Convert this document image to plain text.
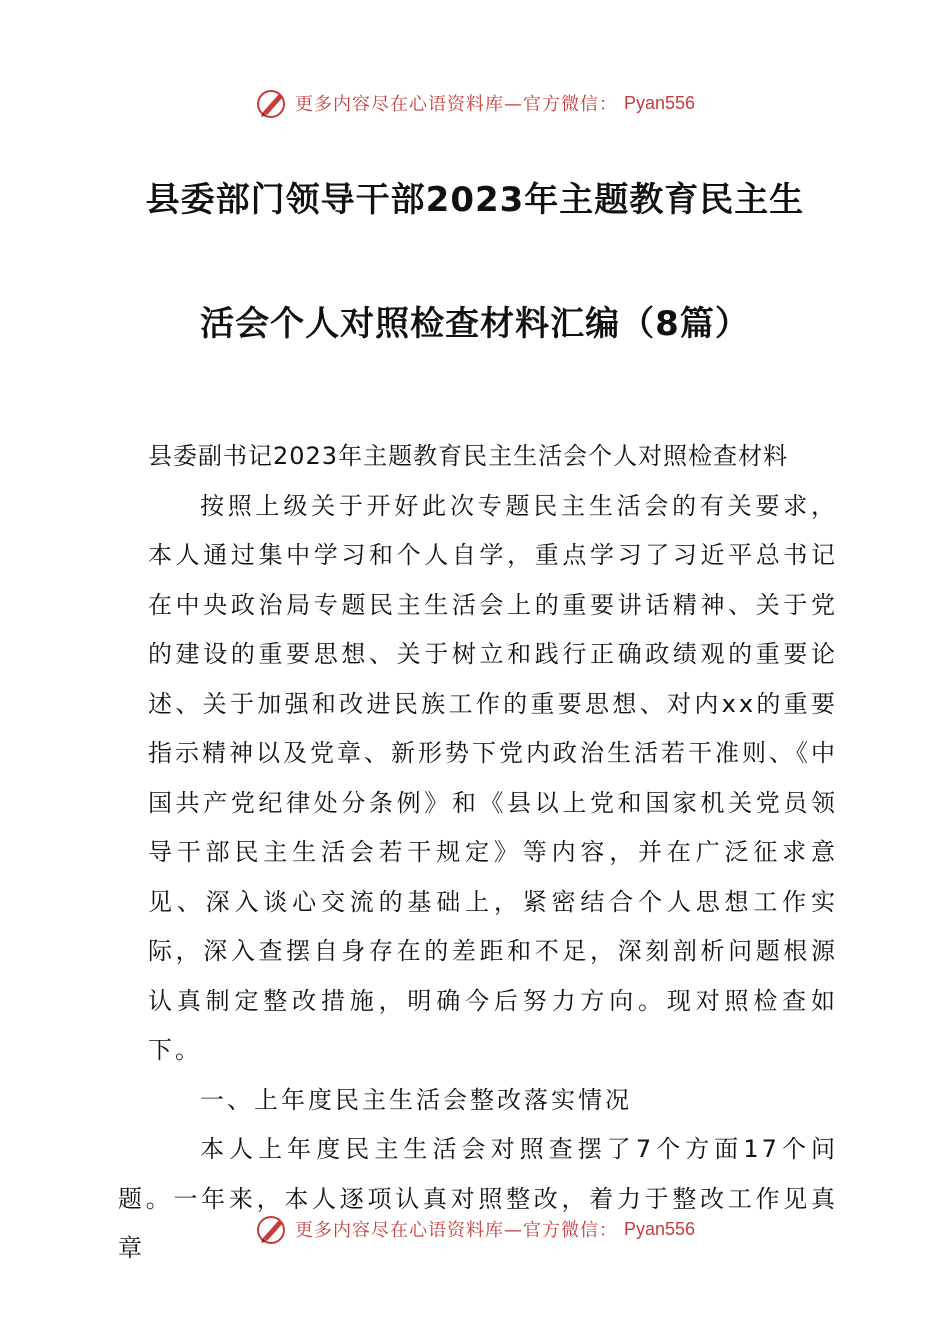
更多内容尽在心语资料库—官方微信： Pyan556
县委部门领导干部2023年主题教育民主生
活会个人对照检查材料汇编（8篇）

县委副书记2023年主题教育民主生活会个人对照检查材料

按照上级关于开好此次专题民主生活会的有关要求，本人通过集中学习和个人自学，重点学习了习近平总书记在中央政治局专题民主生活会上的重要讲话精神、关于党的建设的重要思想、关于树立和践行正确政绩观的重要论述、关于加强和改进民族工作的重要思想、对内xx的重要指示精神以及党章、新形势下党内政治生活若干准则、《中国共产党纪律处分条例》和《县以上党和国家机关党员领导干部民主生活会若干规定》等内容，并在广泛征求意见、深入谈心交流的基础上，紧密结合个人思想工作实际，深入查摆自身存在的差距和不足，深刻剖析问题根源认真制定整改措施，明确今后努力方向。现对照检查如下。

一、上年度民主生活会整改落实情况

本人上年度民主生活会对照查摆了7个方面17个问题。一年来，本人逐项认真对照整改，着力于整改工作见真章

更多内容尽在心语资料库—官方微信： Pyan556
